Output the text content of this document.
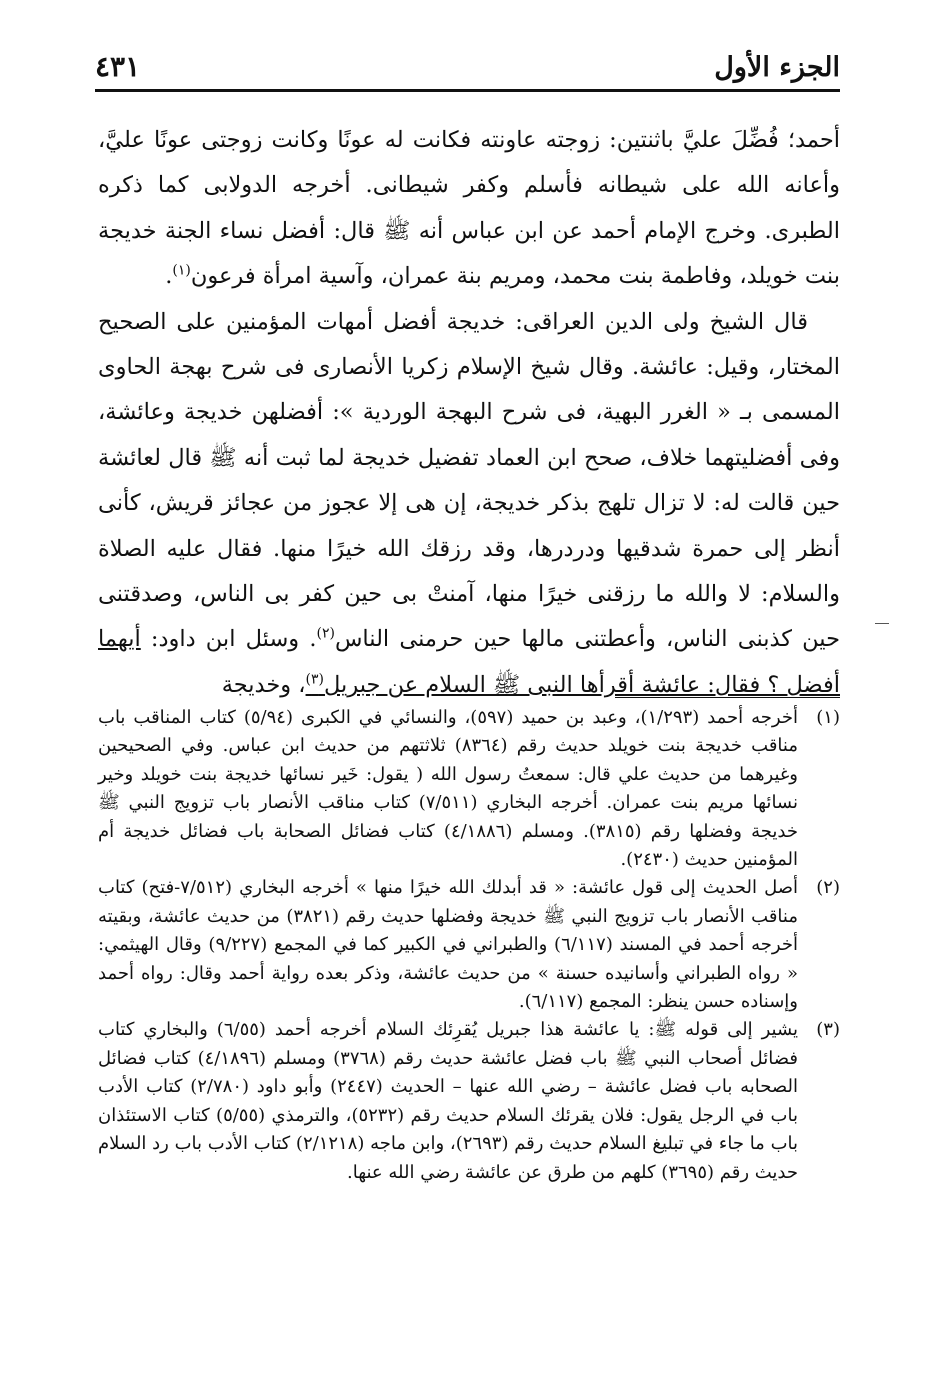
الجزء الأول
٤٣١

أحمد؛ فُضِّلَ عليَّ باثنتين: زوجته عاونته فكانت له عونًا وكانت زوجتى عونًا عليَّ، وأعانه الله على شيطانه فأسلم وكفر شيطانى. أخرجه الدولابى كما ذكره الطبرى. وخرج الإمام أحمد عن ابن عباس أنه ﷺ قال: أفضل نساء الجنة خديجة بنت خويلد، وفاطمة بنت محمد، ومريم بنة عمران، وآسية امرأة فرعون$^{(١)}$.

قال الشيخ ولى الدين العراقى: خديجة أفضل أمهات المؤمنين على الصحيح المختار، وقيل: عائشة. وقال شيخ الإسلام زكريا الأنصارى فى شرح بهجة الحاوى المسمى بـ « الغرر البهية، فى شرح البهجة الوردية »: أفضلهن خديجة وعائشة، وفى أفضليتهما خلاف، صحح ابن العماد تفضيل خديجة لما ثبت أنه ﷺ قال لعائشة حين قالت له: لا تزال تلهج بذكر خديجة، إن هى إلا عجوز من عجائز قريش، كأنى أنظر إلى حمرة شدقيها ودردرها، وقد رزقك الله خيرًا منها. فقال عليه الصلاة والسلام: لا والله ما رزقنى خيرًا منها، آمنتْ بى حين كفر بى الناس، وصدقتنى حين كذبنى الناس، وأعطتنى مالها حين حرمنى الناس$^{(٢)}$. وسئل ابن داود: أيهما أفضل ؟ فقال: عائشة أقرأها النبى ﷺ السلام عن جبريل$^{(٣)}$، وخديجة

(١)
أخرجه أحمد (١/٢٩٣)، وعبد بن حميد (٥٩٧)، والنسائي في الكبرى (٥/٩٤) كتاب المناقب باب مناقب خديجة بنت خويلد حديث رقم (٨٣٦٤) ثلاثتهم من حديث ابن عباس. وفي الصحيحين وغيرهما من حديث علي قال: سمعتُ رسول الله ( يقول: خَير نسائها خديجة بنت خويلد وخير نسائها مريم بنت عمران. أخرجه البخاري (٧/٥١١) كتاب مناقب الأنصار باب تزويج النبي ﷺ خديجة وفضلها رقم (٣٨١٥). ومسلم (٤/١٨٨٦) كتاب فضائل الصحابة باب فضائل خديجة أم المؤمنين حديث (٢٤٣٠).
(٢)
أصل الحديث إلى قول عائشة: « قد أبدلك الله خيرًا منها » أخرجه البخاري (٧/٥١٢-فتح) كتاب مناقب الأنصار باب تزويج النبي ﷺ خديجة وفضلها حديث رقم (٣٨٢١) من حديث عائشة، وبقيته أخرجه أحمد في المسند (٦/١١٧) والطبراني في الكبير كما في المجمع (٩/٢٢٧) وقال الهيثمي: « رواه الطبراني وأسانيده حسنة » من حديث عائشة، وذكر بعده رواية أحمد وقال: رواه أحمد وإسناده حسن ينظر: المجمع (٦/١١٧).
(٣)
يشير إلى قوله ﷺ: يا عائشة هذا جبريل يُقرِئك السلام أخرجه أحمد (٦/٥٥) والبخاري كتاب فضائل أصحاب النبي ﷺ باب فضل عائشة حديث رقم (٣٧٦٨) ومسلم (٤/١٨٩٦) كتاب فضائل الصحابه باب فضل عائشة – رضي الله عنها – الحديث (٢٤٤٧) وأبو داود (٢/٧٨٠) كتاب الأدب باب في الرجل يقول: فلان يقرئك السلام حديث رقم (٥٢٣٢)، والترمذي (٥/٥٥) كتاب الاستئذان باب ما جاء في تبليغ السلام حديث رقم (٢٦٩٣)، وابن ماجه (٢/١٢١٨) كتاب الأدب باب رد السلام حديث رقم (٣٦٩٥) كلهم من طرق عن عائشة رضي الله عنها.
